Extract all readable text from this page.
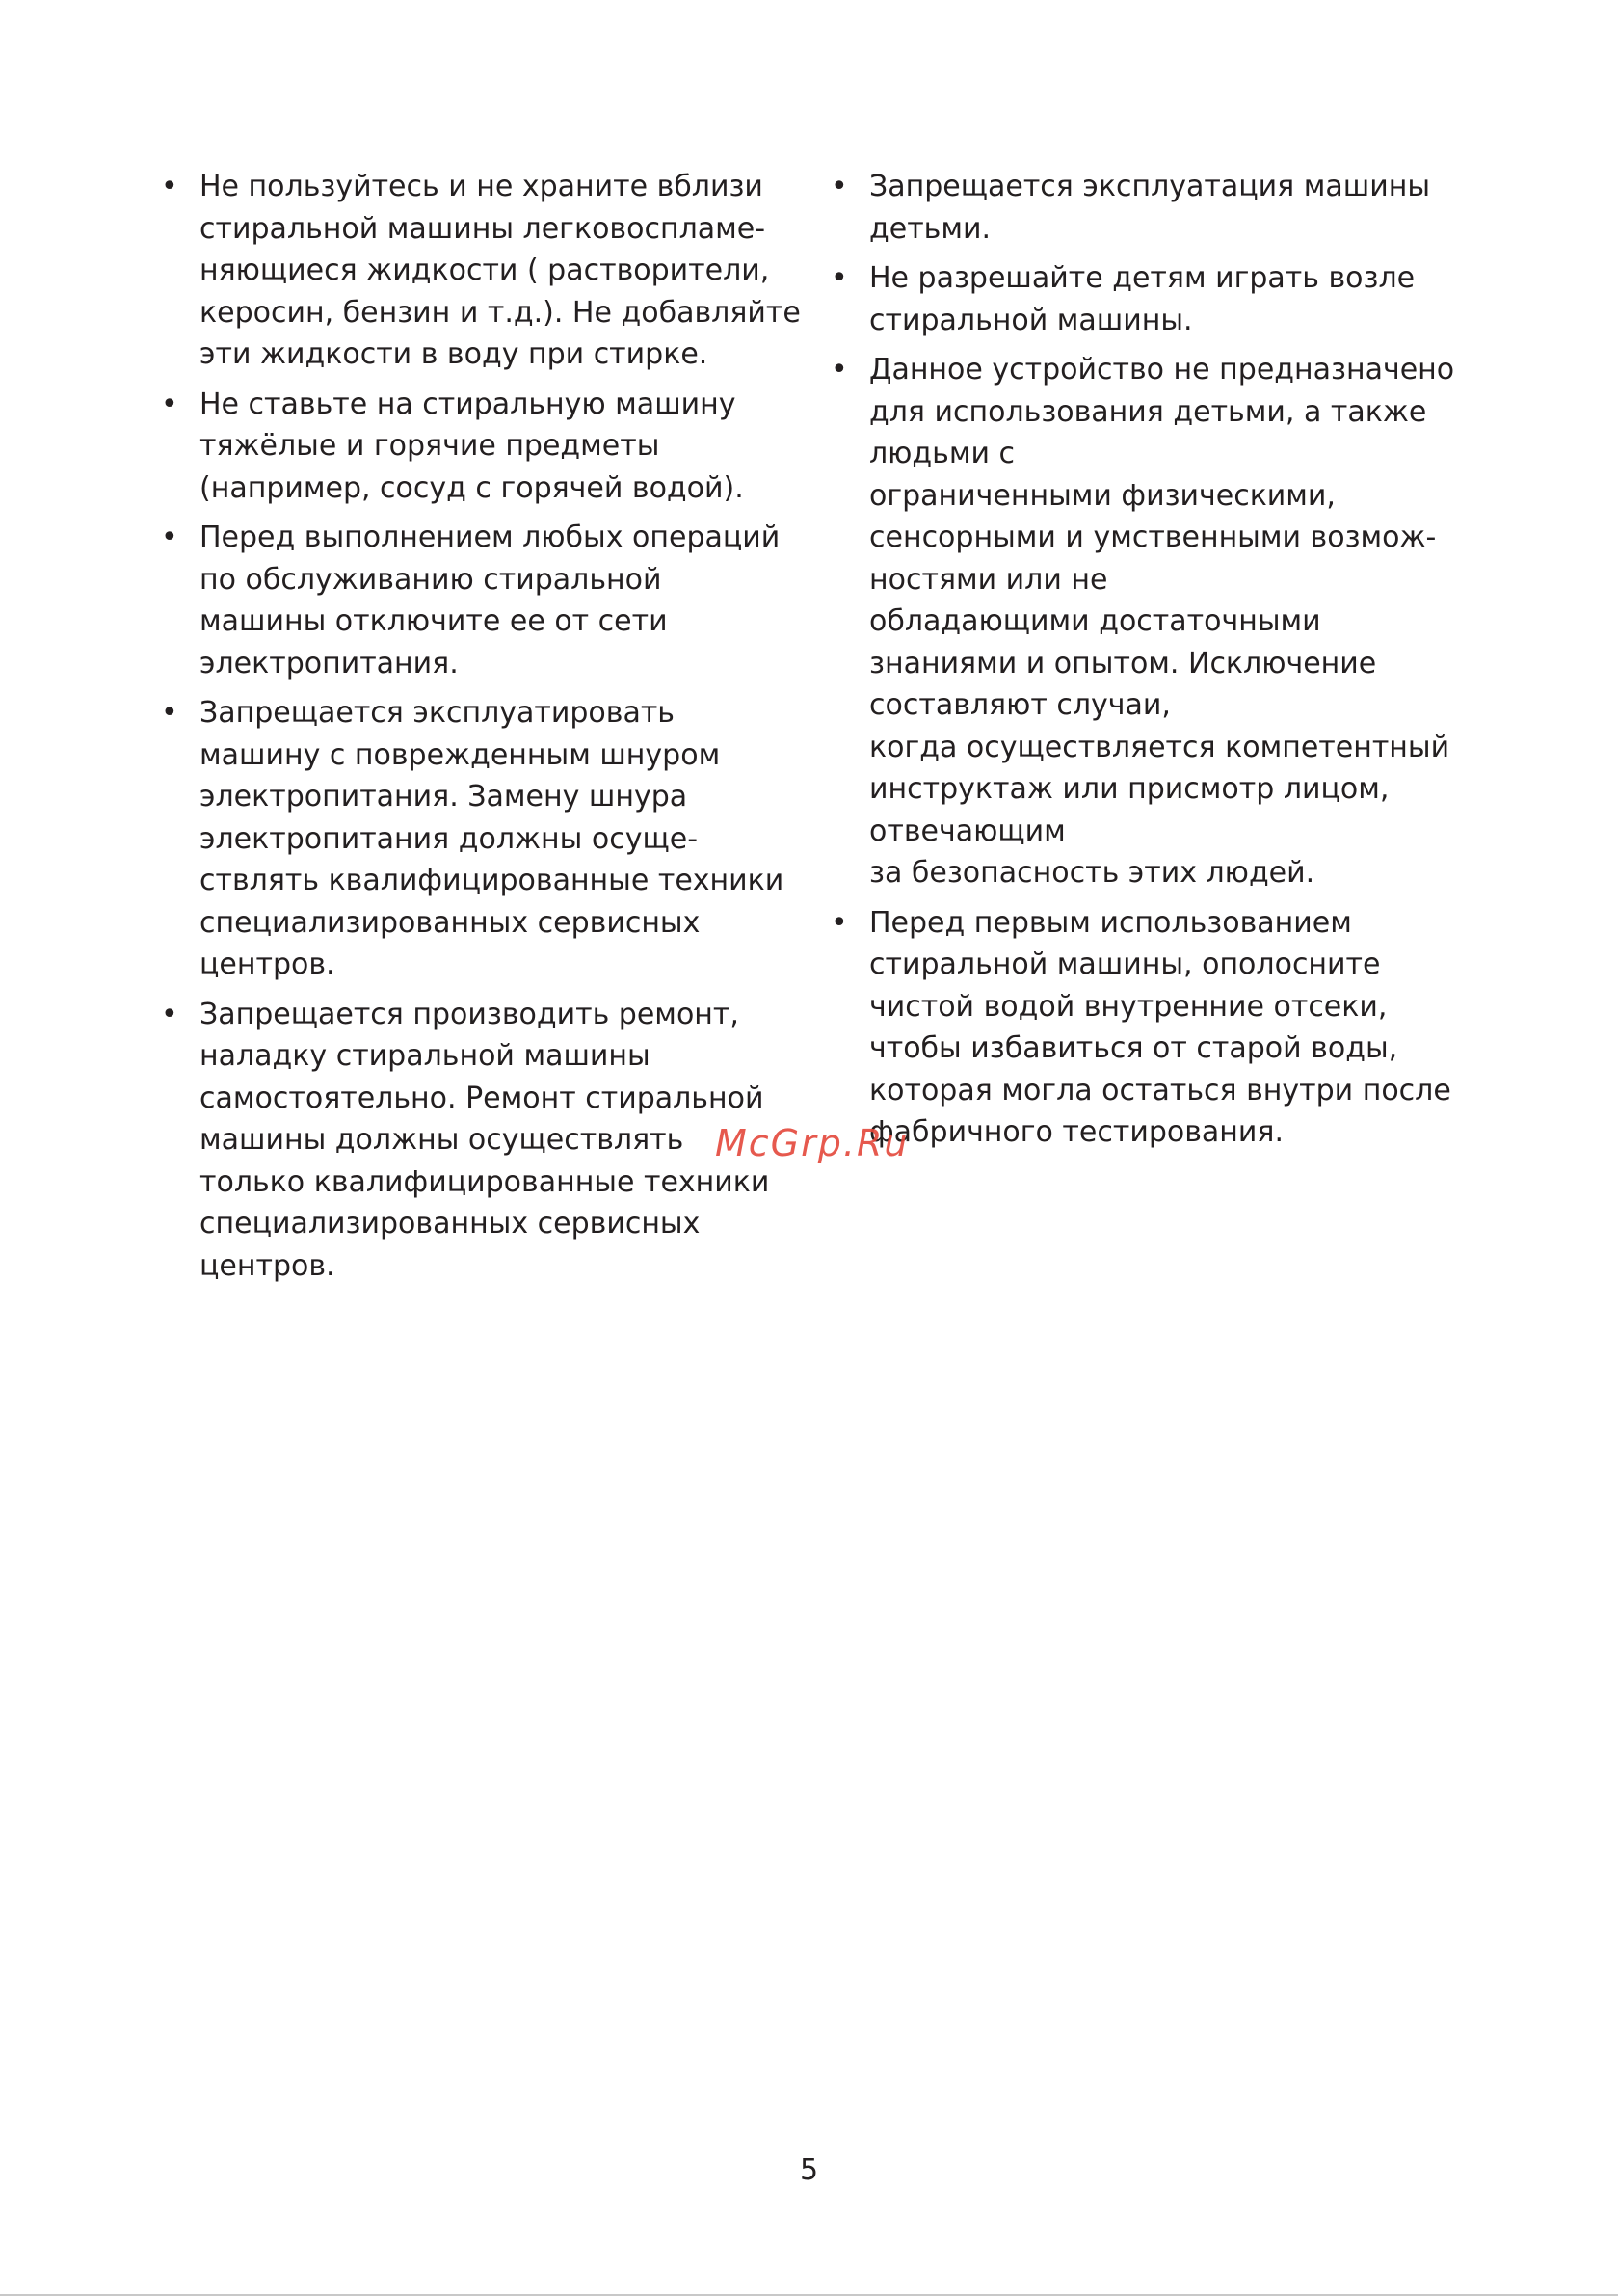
• Не пользуйтесь и не храните вблизи
стиральной машины легковоспламе-
няющиеся жидкости ( растворители,
керосин, бензин и т.д.). Не добавляйте
эти жидкости в воду при стирке.
• Не ставьте на стиральную машину
тяжёлые и горячие предметы
(например, сосуд с горячей водой).
• Перед выполнением любых операций
по обслуживанию стиральной
машины отключите ее от сети
электропитания.
• Запрещается эксплуатировать
машину с поврежденным шнуром
электропитания. Замену шнура
электропитания должны осуще-
ствлять квалифицированные техники
специализированных сервисных
центров.
• Запрещается производить ремонт,
наладку стиральной машины
самостоятельно. Ремонт стиральной
машины должны осуществлять
только квалифицированные техники
специализированных сервисных
центров.
• Запрещается эксплуатация машины
детьми.
• Не разрешайте детям играть возле
стиральной машины.
• Данное устройство не предназначено
для использования детьми, а также
людьми с
ограниченными физическими,
сенсорными и умственными возмож-
ностями или не
обладающими достаточными
знаниями и опытом. Исключение
составляют случаи,
когда осуществляется компетентный
инструктаж или присмотр лицом,
отвечающим
за безопасность этих людей.
• Перед первым использованием
стиральной машины, ополосните
чистой водой внутренние отсеки,
чтобы избавиться от старой воды,
которая могла остаться внутри после
фабричного тестирования.
McGrp.Ru
5
